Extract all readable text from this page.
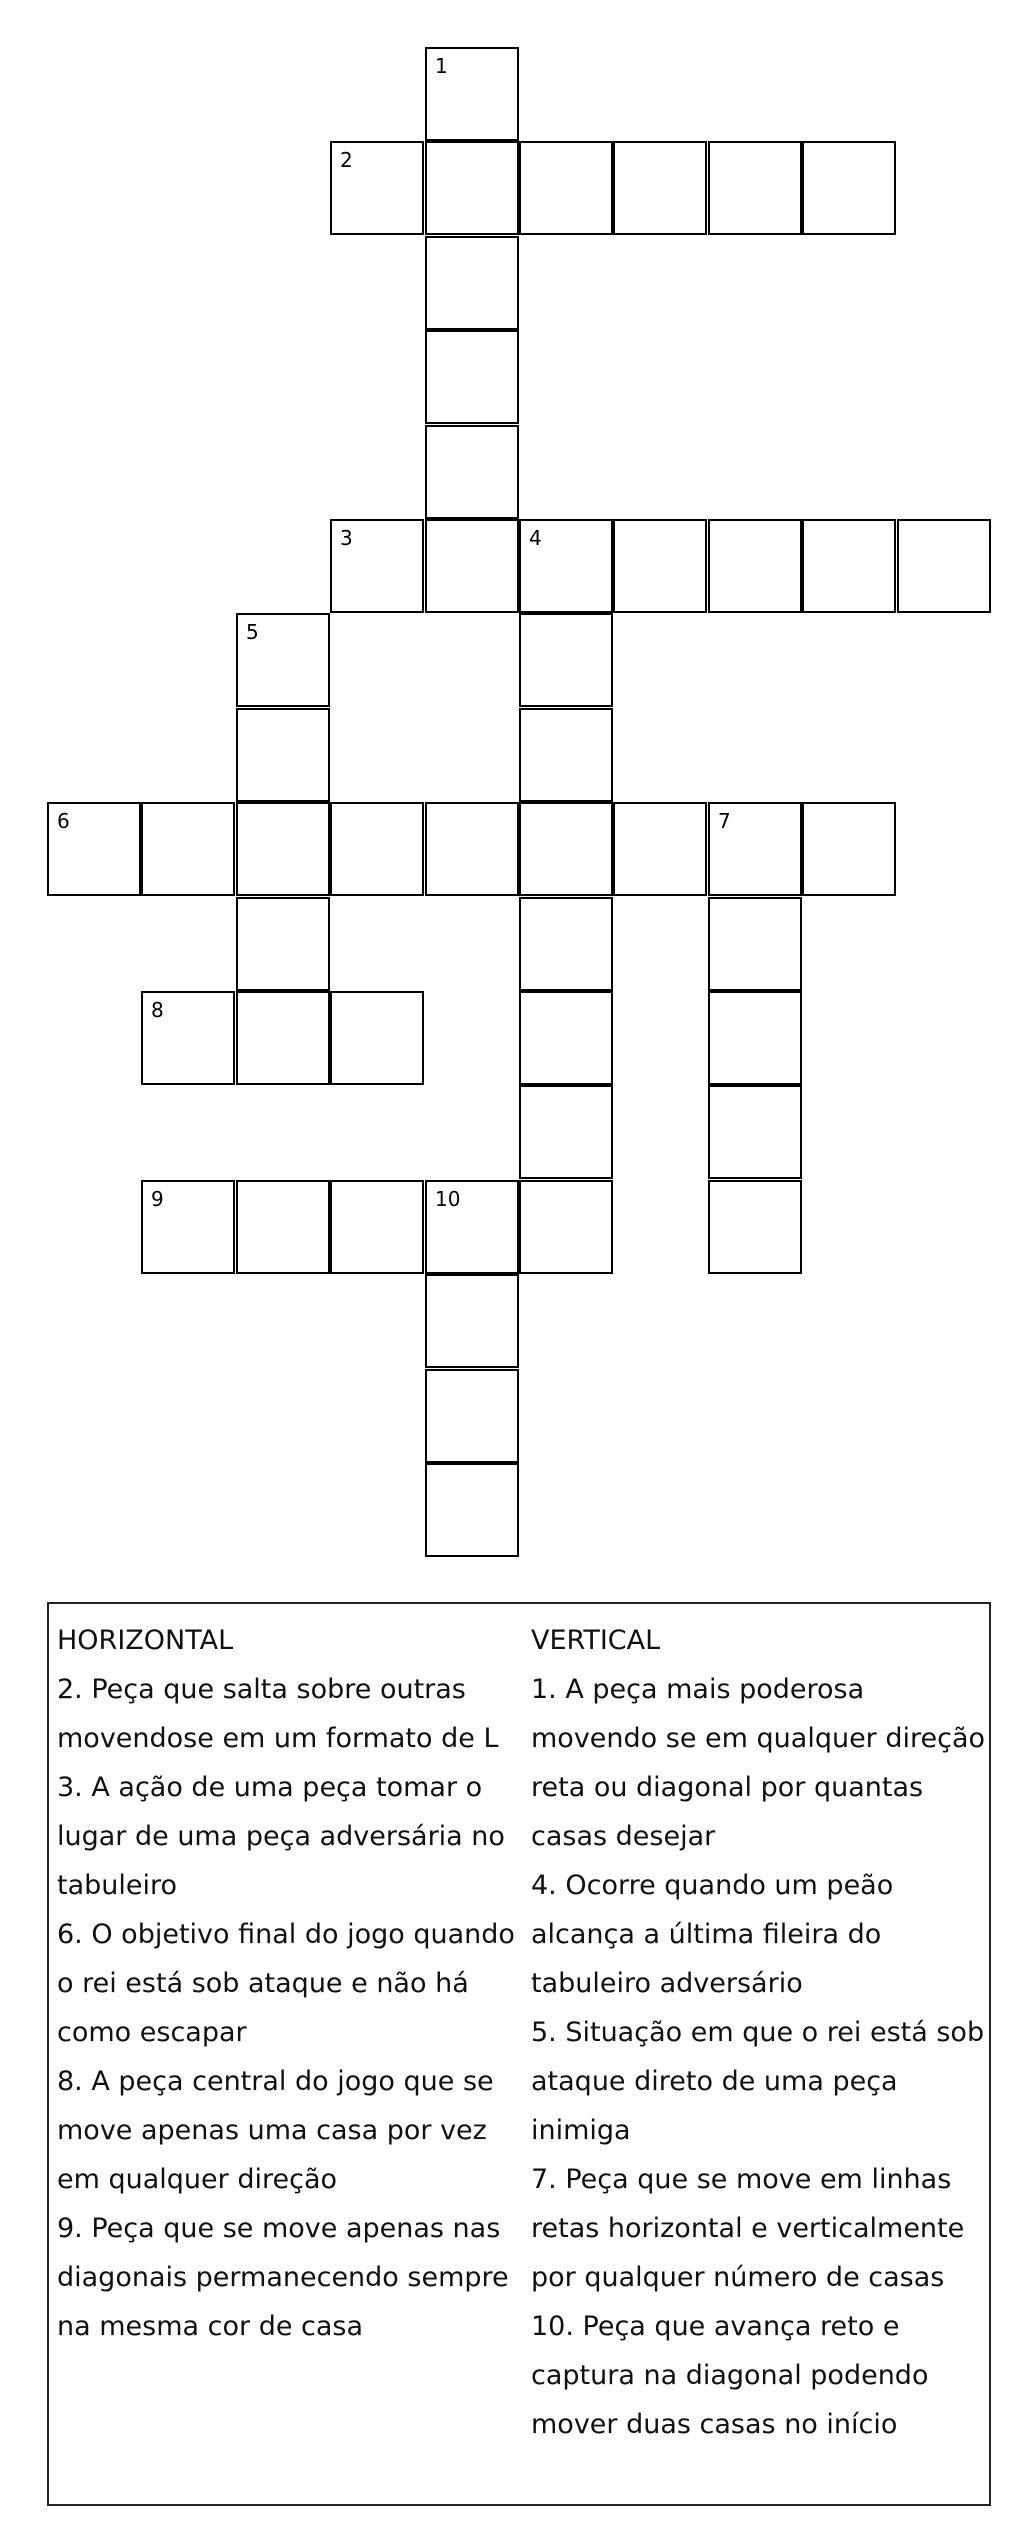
1
2
3	4
5
6	7
8
9	10
HORIZONTAL
2. Peça que salta sobre outras
movendose em um formato de L
3. A ação de uma peça tomar o
lugar de uma peça adversária no
tabuleiro
6. O objetivo final do jogo quando
o rei está sob ataque e não há
como escapar
8. A peça central do jogo que se
move apenas uma casa por vez
em qualquer direção
9. Peça que se move apenas nas
diagonais permanecendo sempre
na mesma cor de casa
VERTICAL
1. A peça mais poderosa
movendo se em qualquer direção
reta ou diagonal por quantas
casas desejar
4. Ocorre quando um peão
alcança a última fileira do
tabuleiro adversário
5. Situação em que o rei está sob
ataque direto de uma peça
inimiga
7. Peça que se move em linhas
retas horizontal e verticalmente
por qualquer número de casas
10. Peça que avança reto e
captura na diagonal podendo
mover duas casas no início
